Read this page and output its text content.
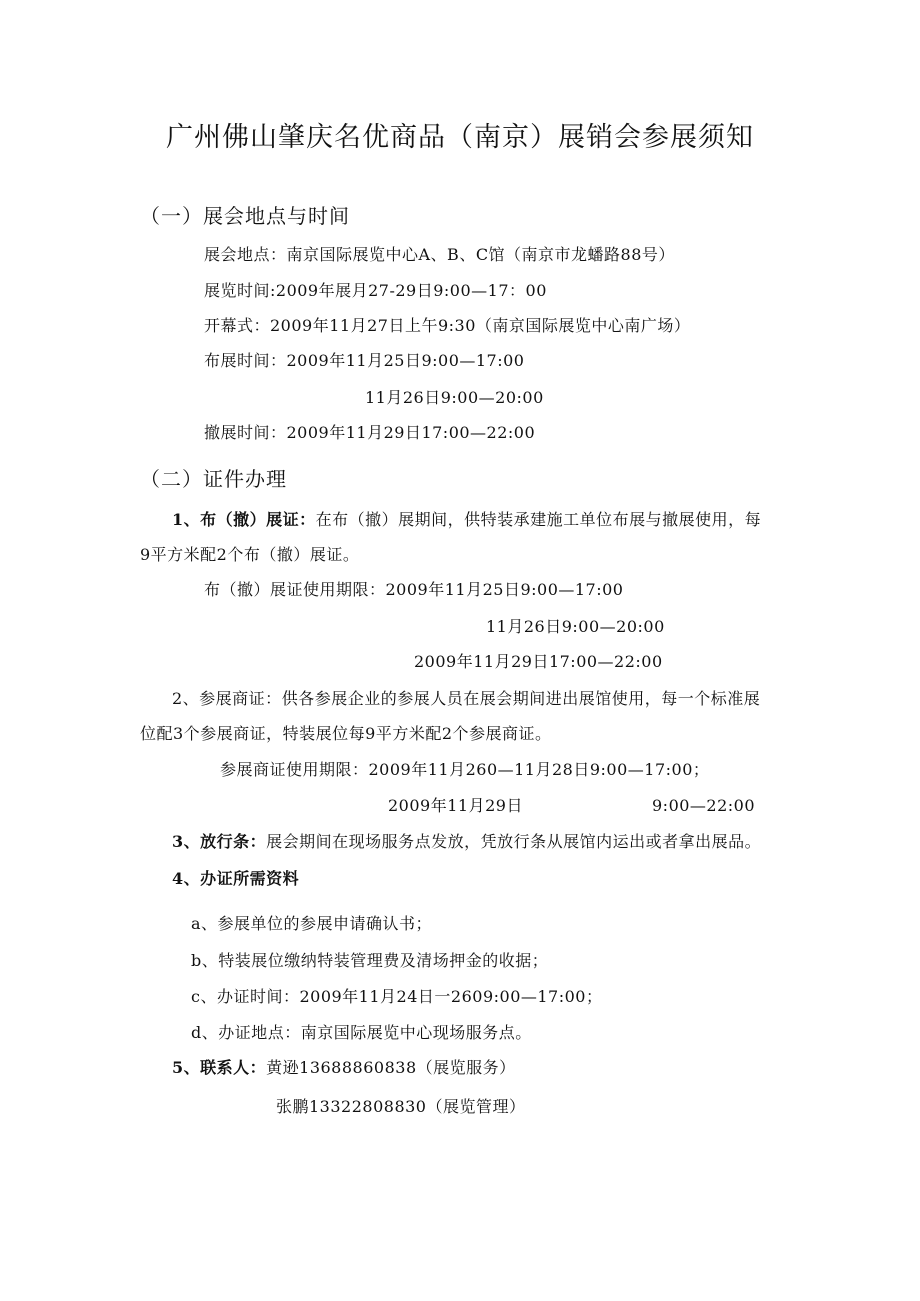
广州佛山肇庆名优商品（南京）展销会参展须知
（一）展会地点与时间
展会地点：南京国际展览中心A、B、C馆（南京市龙蟠路88号）
展览时间:2009年展月27-29日9:00—17：00
开幕式：2009年11月27日上午9:30（南京国际展览中心南广场）
布展时间：2009年11月25日9:00—17:00
11月26日9:00—20:00
撤展时间：2009年11月29日17:00—22:00
（二）证件办理
1、布（撤）展证：在布（撤）展期间，供特装承建施工单位布展与撤展使用，每
9平方米配2个布（撤）展证。
布（撤）展证使用期限：2009年11月25日9:00—17:00
11月26日9:00—20:00
2009年11月29日17:00—22:00
2、参展商证：供各参展企业的参展人员在展会期间进出展馆使用，每一个标准展
位配3个参展商证，特装展位每9平方米配2个参展商证。
参展商证使用期限：2009年11月260—11月28日9:00—17:00；
2009年11月29日	9:00—22:00
3、放行条：展会期间在现场服务点发放，凭放行条从展馆内运出或者拿出展品。
4、办证所需资料
a、参展单位的参展申请确认书；
b、特装展位缴纳特装管理费及清场押金的收据；
c、办证时间：2009年11月24日一2609:00—17:00；
d、办证地点：南京国际展览中心现场服务点。
5、联系人：黄逊13688860838（展览服务）
张鹏13322808830（展览管理）
